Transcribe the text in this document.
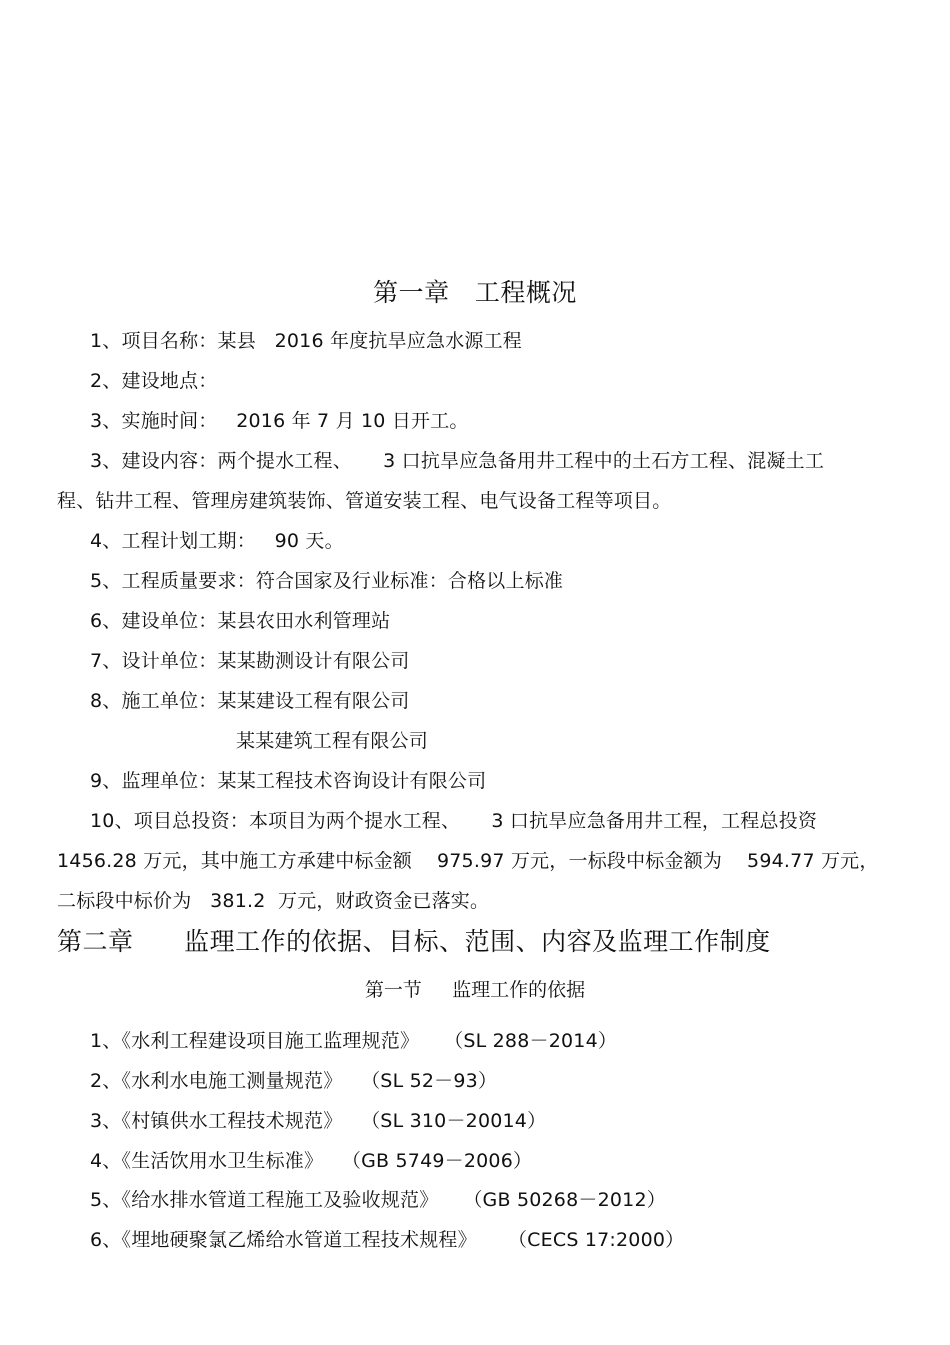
第一章   工程概况
1、项目名称：某县   2016 年度抗旱应急水源工程
2、建设地点：
3、实施时间：   2016 年 7 月 10 日开工。
3、建设内容：两个提水工程、     3 口抗旱应急备用井工程中的土石方工程、混凝土工
程、钻井工程、管理房建筑装饰、管道安装工程、电气设备工程等项目。
4、工程计划工期：   90 天。
5、工程质量要求：符合国家及行业标准：合格以上标准
6、建设单位：某县农田水利管理站
7、设计单位：某某勘测设计有限公司
8、施工单位：某某建设工程有限公司
某某建筑工程有限公司
9、监理单位：某某工程技术咨询设计有限公司
10、项目总投资：本项目为两个提水工程、     3 口抗旱应急备用井工程，工程总投资
1456.28 万元，其中施工方承建中标金额    975.97 万元，一标段中标金额为    594.77 万元，
二标段中标价为   381.2  万元，财政资金已落实。
第二章      监理工作的依据、目标、范围、内容及监理工作制度
第一节     监理工作的依据
1、《水利工程建设项目施工监理规范》    （SL 288－2014）
2、《水利水电施工测量规范》   （SL 52－93）
3、《村镇供水工程技术规范》   （SL 310－20014）
4、《生活饮用水卫生标准》   （GB 5749－2006）
5、《给水排水管道工程施工及验收规范》    （GB 50268－2012）
6、《埋地硬聚氯乙烯给水管道工程技术规程》     （CECS 17:2000）
